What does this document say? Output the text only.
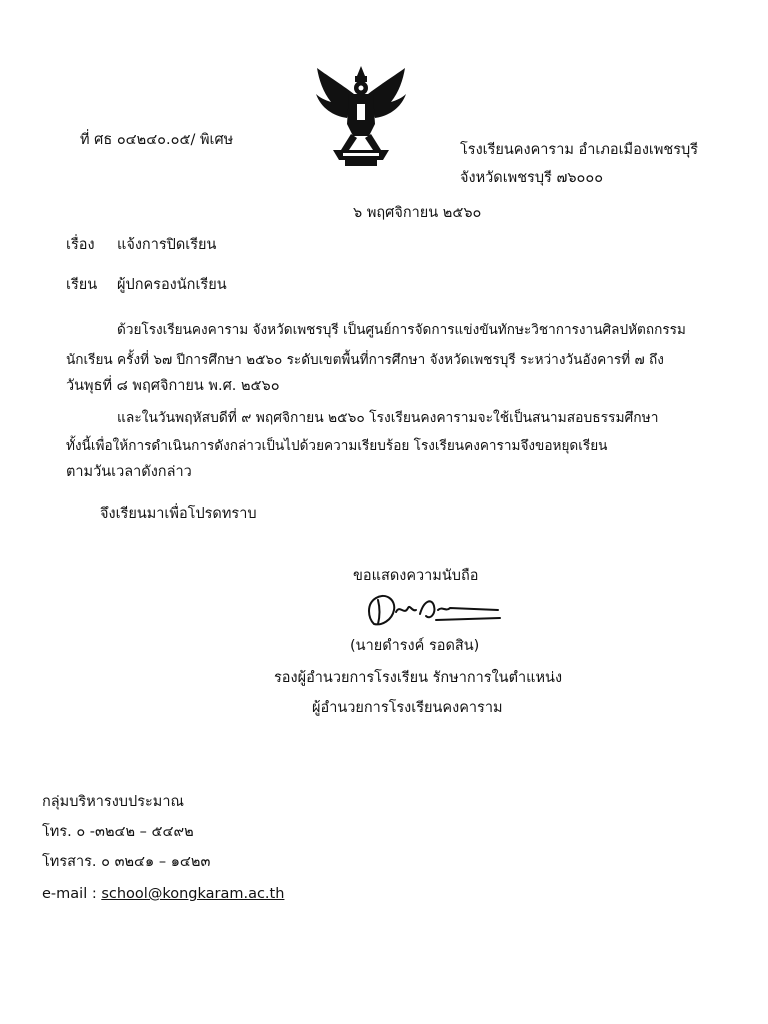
ที่ ศธ ๐๔๒๔๐.๐๕/ พิเศษ
โรงเรียนคงคาราม อำเภอเมืองเพชรบุรี
จังหวัดเพชรบุรี ๗๖๐๐๐
๖ พฤศจิกายน ๒๕๖๐
เรื่อง แจ้งการปิดเรียน
เรียน ผู้ปกครองนักเรียน
ด้วยโรงเรียนคงคาราม จังหวัดเพชรบุรี เป็นศูนย์การจัดการแข่งขันทักษะวิชาการงานศิลปหัตถกรรม
นักเรียน ครั้งที่ ๖๗ ปีการศึกษา ๒๕๖๐ ระดับเขตพื้นที่การศึกษา จังหวัดเพชรบุรี ระหว่างวันอังคารที่ ๗ ถึง
วันพุธที่ ๘ พฤศจิกายน พ.ศ. ๒๕๖๐
และในวันพฤหัสบดีที่ ๙ พฤศจิกายน ๒๕๖๐ โรงเรียนคงคารามจะใช้เป็นสนามสอบธรรมศึกษา
ทั้งนี้เพื่อให้การดำเนินการดังกล่าวเป็นไปด้วยความเรียบร้อย โรงเรียนคงคารามจึงขอหยุดเรียน
ตามวันเวลาดังกล่าว
จึงเรียนมาเพื่อโปรดทราบ
ขอแสดงความนับถือ
(นายดำรงค์ รอดสิน)
รองผู้อำนวยการโรงเรียน รักษาการในตำแหน่ง
ผู้อำนวยการโรงเรียนคงคาราม
กลุ่มบริหารงบประมาณ
โทร. ๐ -๓๒๔๒ – ๕๔๙๒
โทรสาร. ๐ ๓๒๔๑ – ๑๔๒๓
e-mail : school@kongkaram.ac.th
